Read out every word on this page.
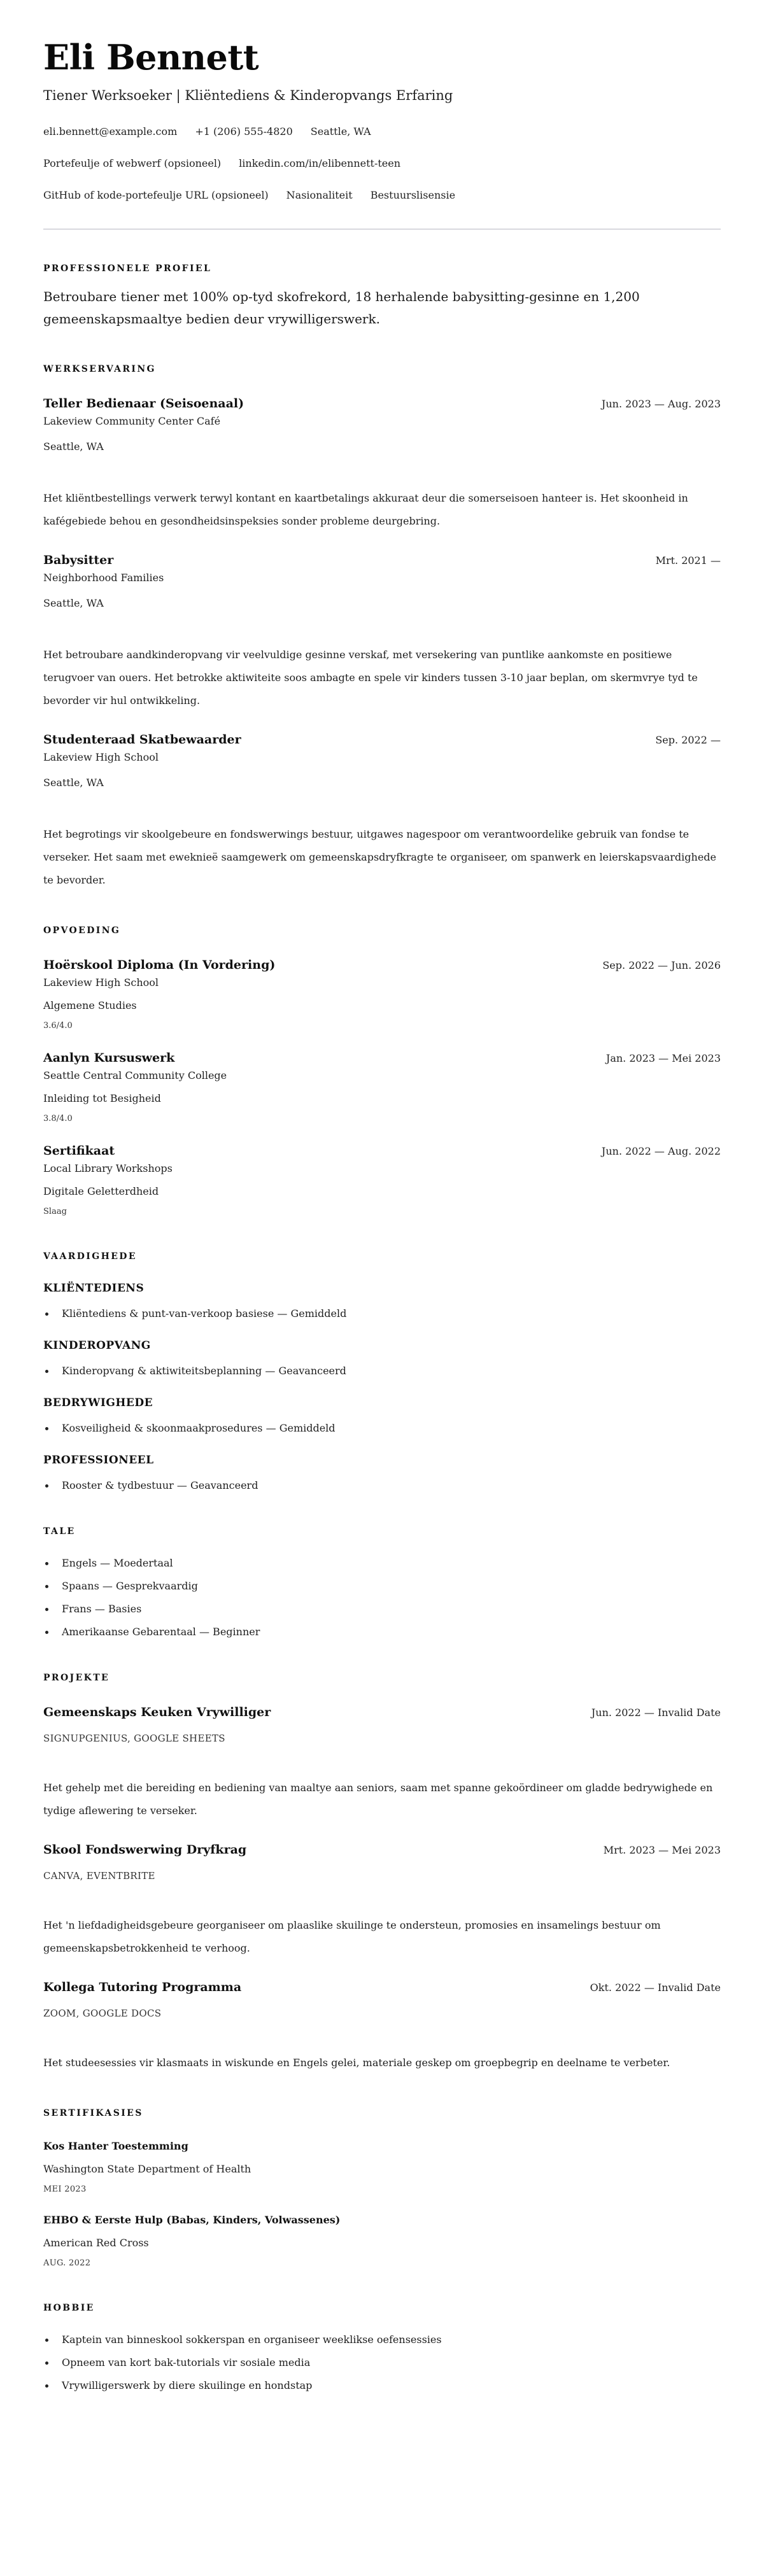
Eli Bennett
Tiener Werksoeker | Kliëntediens & Kinderopvangs Erfaring
eli.bennett@example.com +1 (206) 555-4820 Seattle, WA
Portefeulje of webwerf (opsioneel) linkedin.com/in/elibennett-teen
GitHub of kode-portefeulje URL (opsioneel) Nasionaliteit Bestuurslisensie
PROFESSIONELE PROFIEL

Betroubare tiener met 100% op-tyd skofrekord, 18 herhalende babysitting-gesinne en 1,200 gemeenskapsmaaltye bedien deur vrywilligerswerk.

WERKSERVARING
Teller Bedienaar (Seisoenaal)	Jun. 2023 — Aug. 2023
Lakeview Community Center Café
Seattle, WA

Het kliëntbestellings verwerk terwyl kontant en kaartbetalings akkuraat deur die somerseisoen hanteer is. Het skoonheid in kafégebiede behou en gesondheidsinspeksies sonder probleme deurgebring.

Babysitter	Mrt. 2021 —
Neighborhood Families
Seattle, WA

Het betroubare aandkinderopvang vir veelvuldige gesinne verskaf, met versekering van puntlike aankomste en positiewe terugvoer van ouers. Het betrokke aktiwiteite soos ambagte en spele vir kinders tussen 3-10 jaar beplan, om skermvrye tyd te bevorder vir hul ontwikkeling.

Studenteraad Skatbewaarder	Sep. 2022 —
Lakeview High School
Seattle, WA

Het begrotings vir skoolgebeure en fondswerwings bestuur, uitgawes nagespoor om verantwoordelike gebruik van fondse te verseker. Het saam met eweknieë saamgewerk om gemeenskapsdryfkragte te organiseer, om spanwerk en leierskapsvaardighede te bevorder.

OPVOEDING
Hoërskool Diploma (In Vordering)	Sep. 2022 — Jun. 2026
Lakeview High School
Algemene Studies
3.6/4.0
Aanlyn Kursuswerk	Jan. 2023 — Mei 2023
Seattle Central Community College
Inleiding tot Besigheid
3.8/4.0
Sertifikaat	Jun. 2022 — Aug. 2022
Local Library Workshops
Digitale Geletterdheid
Slaag
VAARDIGHEDE
KLIËNTEDIENS
Kliëntediens & punt-van-verkoop basiese — Gemiddeld
KINDEROPVANG
Kinderopvang & aktiwiteitsbeplanning — Geavanceerd
BEDRYWIGHEDE
Kosveiligheid & skoonmaakprosedures — Gemiddeld
PROFESSIONEEL
Rooster & tydbestuur — Geavanceerd
TALE
Engels — Moedertaal
Spaans — Gesprekvaardig
Frans — Basies
Amerikaanse Gebarentaal — Beginner
PROJEKTE
Gemeenskaps Keuken Vrywilliger	Jun. 2022 — Invalid Date
SIGNUPGENIUS, GOOGLE SHEETS

Het gehelp met die bereiding en bediening van maaltye aan seniors, saam met spanne gekoördineer om gladde bedrywighede en tydige aflewering te verseker.

Skool Fondswerwing Dryfkrag	Mrt. 2023 — Mei 2023
CANVA, EVENTBRITE

Het 'n liefdadigheidsgebeure georganiseer om plaaslike skuilinge te ondersteun, promosies en insamelings bestuur om gemeenskapsbetrokkenheid te verhoog.

Kollega Tutoring Programma	Okt. 2022 — Invalid Date
ZOOM, GOOGLE DOCS

Het studeesessies vir klasmaats in wiskunde en Engels gelei, materiale geskep om groepbegrip en deelname te verbeter.

SERTIFIKASIES
Kos Hanter Toestemming
Washington State Department of Health
MEI 2023
EHBO & Eerste Hulp (Babas, Kinders, Volwassenes)
American Red Cross
AUG. 2022
HOBBIE
Kaptein van binneskool sokkerspan en organiseer weeklikse oefensessies
Opneem van kort bak-tutorials vir sosiale media
Vrywilligerswerk by diere skuilinge en hondstap
